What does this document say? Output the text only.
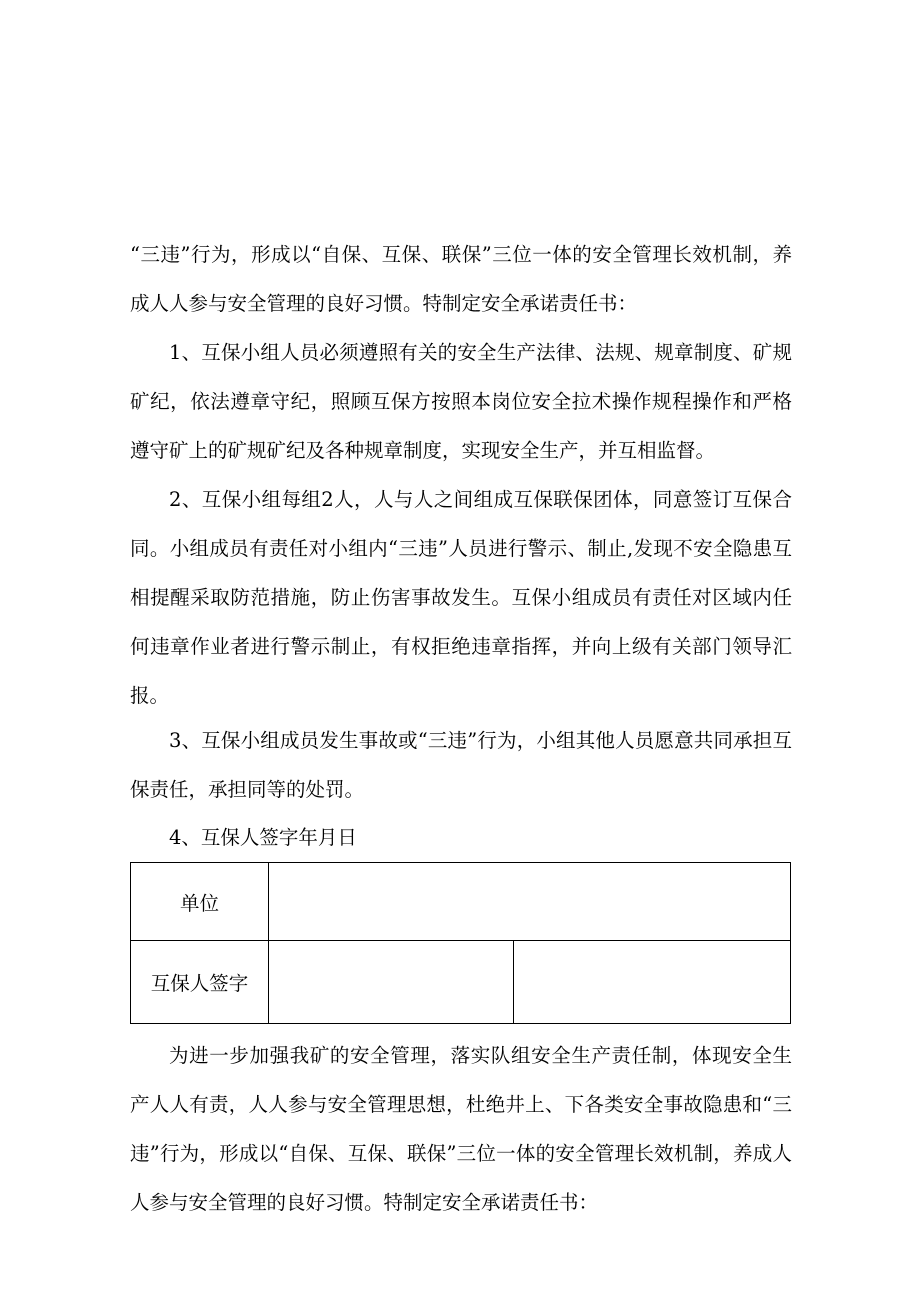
“三违”行为，形成以“自保、互保、联保”三位一体的安全管理长效机制，养成人人参与安全管理的良好习惯。特制定安全承诺责任书：

1、互保小组人员必须遵照有关的安全生产法律、法规、规章制度、矿规矿纪，依法遵章守纪，照顾互保方按照本岗位安全拉术操作规程操作和严格遵守矿上的矿规矿纪及各种规章制度，实现安全生产，并互相监督。

2、互保小组每组2人，人与人之间组成互保联保团体，同意签订互保合同。小组成员有责任对小组内“三违”人员进行警示、制止,发现不安全隐患互相提醒采取防范措施，防止伤害事故发生。互保小组成员有责任对区域内任何违章作业者进行警示制止，有权拒绝违章指挥，并向上级有关部门领导汇报。

3、互保小组成员发生事故或“三违”行为，小组其他人员愿意共同承担互保责任，承担同等的处罚。

4、互保人签字年月日

单位		
互保人签字		

为进一步加强我矿的安全管理，落实队组安全生产责任制，体现安全生产人人有责，人人参与安全管理思想，杜绝井上、下各类安全事故隐患和“三违”行为，形成以“自保、互保、联保”三位一体的安全管理长效机制，养成人人参与安全管理的良好习惯。特制定安全承诺责任书：
